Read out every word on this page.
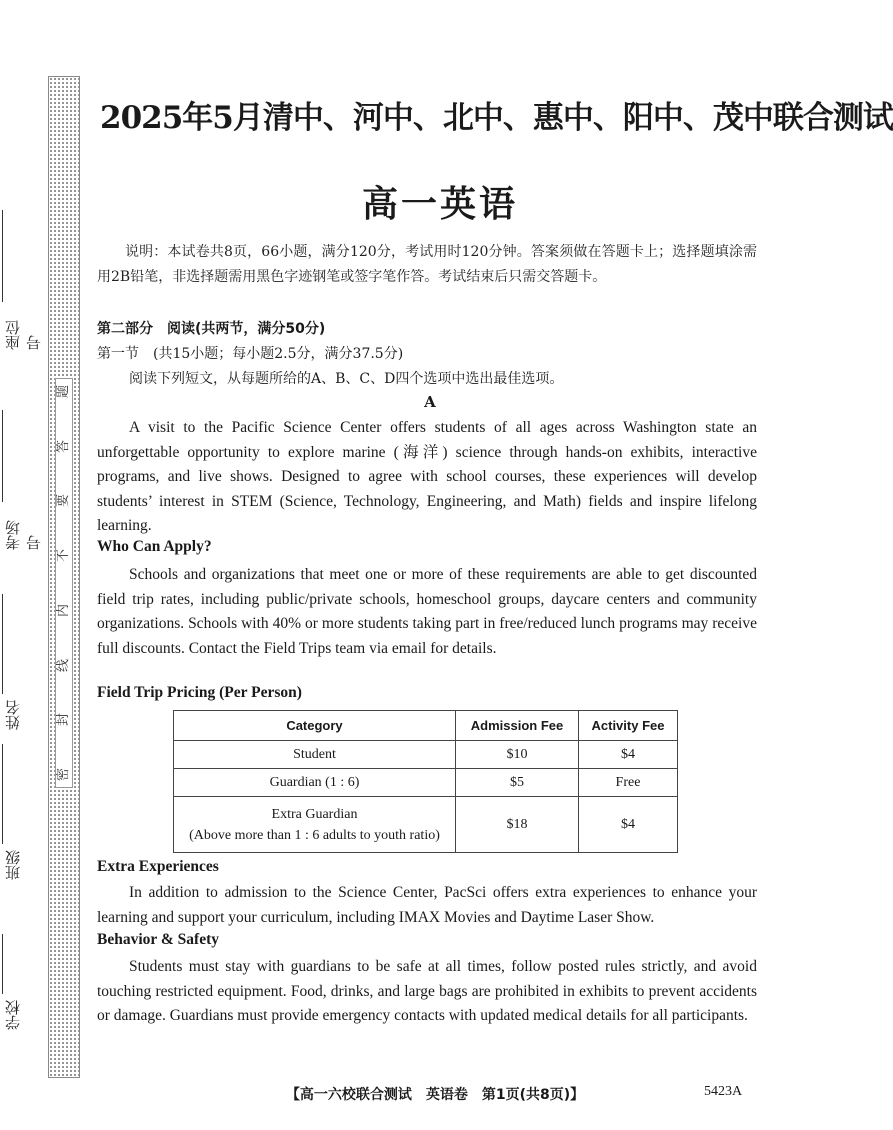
座位号
考场号
姓名
班级
学校
题
答
要
不
内
线
封
密
2025年5月清中、河中、北中、惠中、阳中、茂中联合测试
高一英语
说明：本试卷共8页，66小题，满分120分，考试用时120分钟。答案须做在答题卡上；选择题填涂需用2B铅笔，非选择题需用黑色字迹钢笔或签字笔作答。考试结束后只需交答题卡。
第二部分　阅读(共两节，满分50分)
第一节　(共15小题；每小题2.5分，满分37.5分)
阅读下列短文，从每题所给的A、B、C、D四个选项中选出最佳选项。
A
A visit to the Pacific Science Center offers students of all ages across Washington state an unforgettable opportunity to explore marine (海洋) science through hands-on exhibits, interactive programs, and live shows. Designed to agree with school courses, these experiences will develop students’ interest in STEM (Science, Technology, Engineering, and Math) fields and inspire lifelong learning.
Who Can Apply?
Schools and organizations that meet one or more of these requirements are able to get discounted field trip rates, including public/private schools, homeschool groups, daycare centers and community organizations. Schools with 40% or more students taking part in free/reduced lunch programs may receive full discounts. Contact the Field Trips team via email for details.
Field Trip Pricing (Per Person)
Category	Admission Fee	Activity Fee
Student	$10	$4
Guardian (1 : 6)	$5	Free

Extra Guardian
(Above more than 1 : 6 adults to youth ratio)	$18	$4
Extra Experiences
In addition to admission to the Science Center, PacSci offers extra experiences to enhance your learning and support your curriculum, including IMAX Movies and Daytime Laser Show.
Behavior & Safety
Students must stay with guardians to be safe at all times, follow posted rules strictly, and avoid touching restricted equipment. Food, drinks, and large bags are prohibited in exhibits to prevent accidents or damage. Guardians must provide emergency contacts with updated medical details for all participants.
【高一六校联合测试　英语卷　第1页(共8页)】	5423A
